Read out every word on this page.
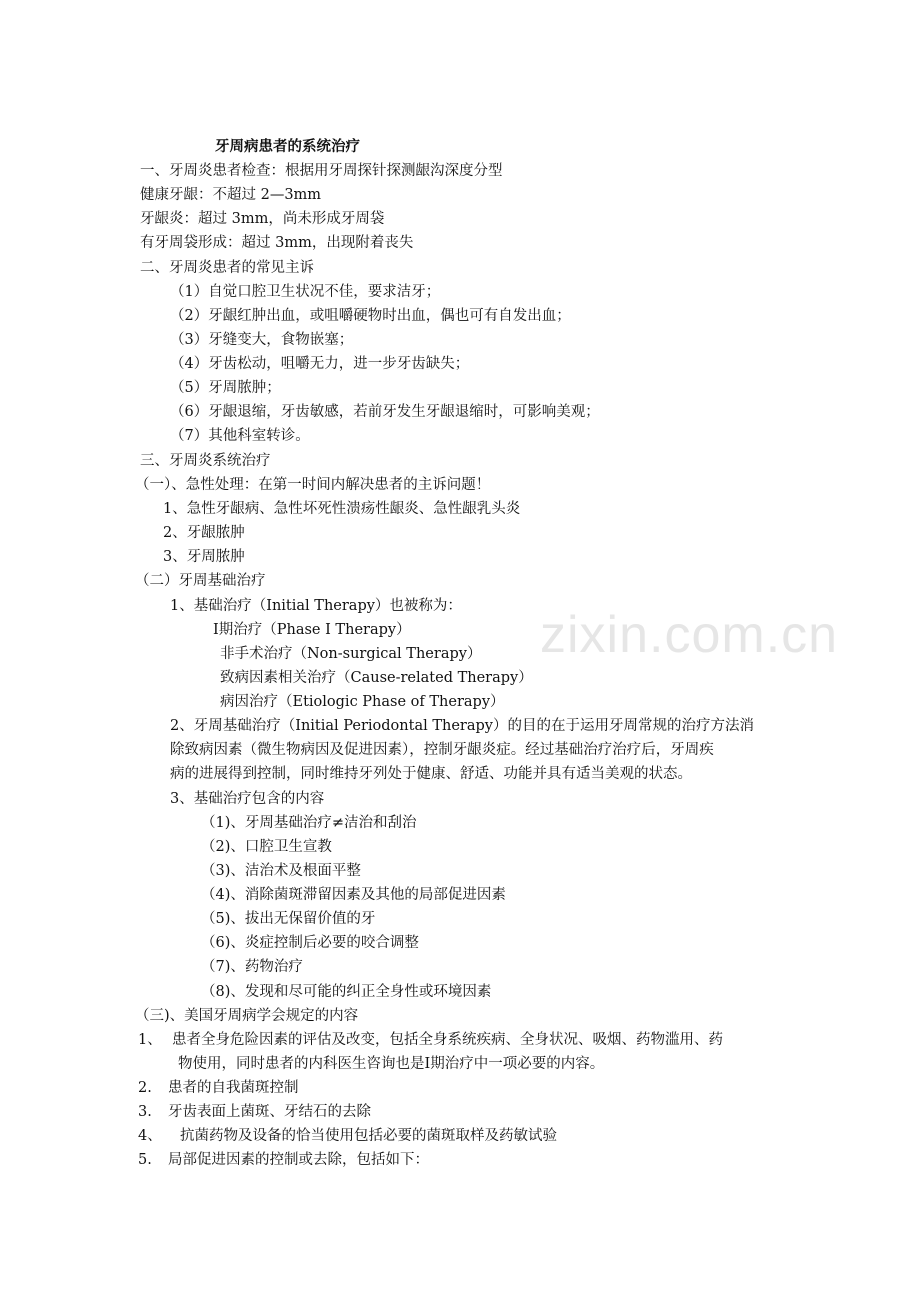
zixin.com.cn
牙周病患者的系统治疗
一、牙周炎患者检查：根据用牙周探针探测龈沟深度分型
健康牙龈：不超过 2—3mm
牙龈炎：超过 3mm，尚未形成牙周袋
有牙周袋形成：超过 3mm，出现附着丧失
二、牙周炎患者的常见主诉
（1）自觉口腔卫生状况不佳，要求洁牙；
（2）牙龈红肿出血，或咀嚼硬物时出血，偶也可有自发出血；
（3）牙缝变大，食物嵌塞；
（4）牙齿松动，咀嚼无力，进一步牙齿缺失；
（5）牙周脓肿；
（6）牙龈退缩，牙齿敏感，若前牙发生牙龈退缩时，可影响美观；
（7）其他科室转诊。
三、牙周炎系统治疗
（一）、急性处理：在第一时间内解决患者的主诉问题！
1、急性牙龈病、急性坏死性溃疡性龈炎、急性龈乳头炎
2、牙龈脓肿
3、牙周脓肿
（二）牙周基础治疗
1、基础治疗（Initial Therapy）也被称为：
Ⅰ期治疗（Phase Ⅰ Therapy）
非手术治疗（Non-surgical Therapy）
致病因素相关治疗（Cause-related Therapy）
病因治疗（Etiologic Phase of Therapy）
2、牙周基础治疗（Initial Periodontal Therapy）的目的在于运用牙周常规的治疗方法消
除致病因素（微生物病因及促进因素），控制牙龈炎症。经过基础治疗治疗后，牙周疾
病的进展得到控制，同时维持牙列处于健康、舒适、功能并具有适当美观的状态。
3、基础治疗包含的内容
（1)、牙周基础治疗≠洁治和刮治
（2)、口腔卫生宣教
（3)、洁治术及根面平整
（4)、消除菌斑滞留因素及其他的局部促进因素
（5)、拔出无保留价值的牙
（6)、炎症控制后必要的咬合调整
（7)、药物治疗
（8)、发现和尽可能的纠正全身性或环境因素
（三)、美国牙周病学会规定的内容
1、 患者全身危险因素的评估及改变，包括全身系统疾病、全身状况、吸烟、药物滥用、药
物使用，同时患者的内科医生咨询也是Ⅰ期治疗中一项必要的内容。
2. 患者的自我菌斑控制
3. 牙齿表面上菌斑、牙结石的去除
4、 抗菌药物及设备的恰当使用包括必要的菌斑取样及药敏试验
5. 局部促进因素的控制或去除，包括如下：
